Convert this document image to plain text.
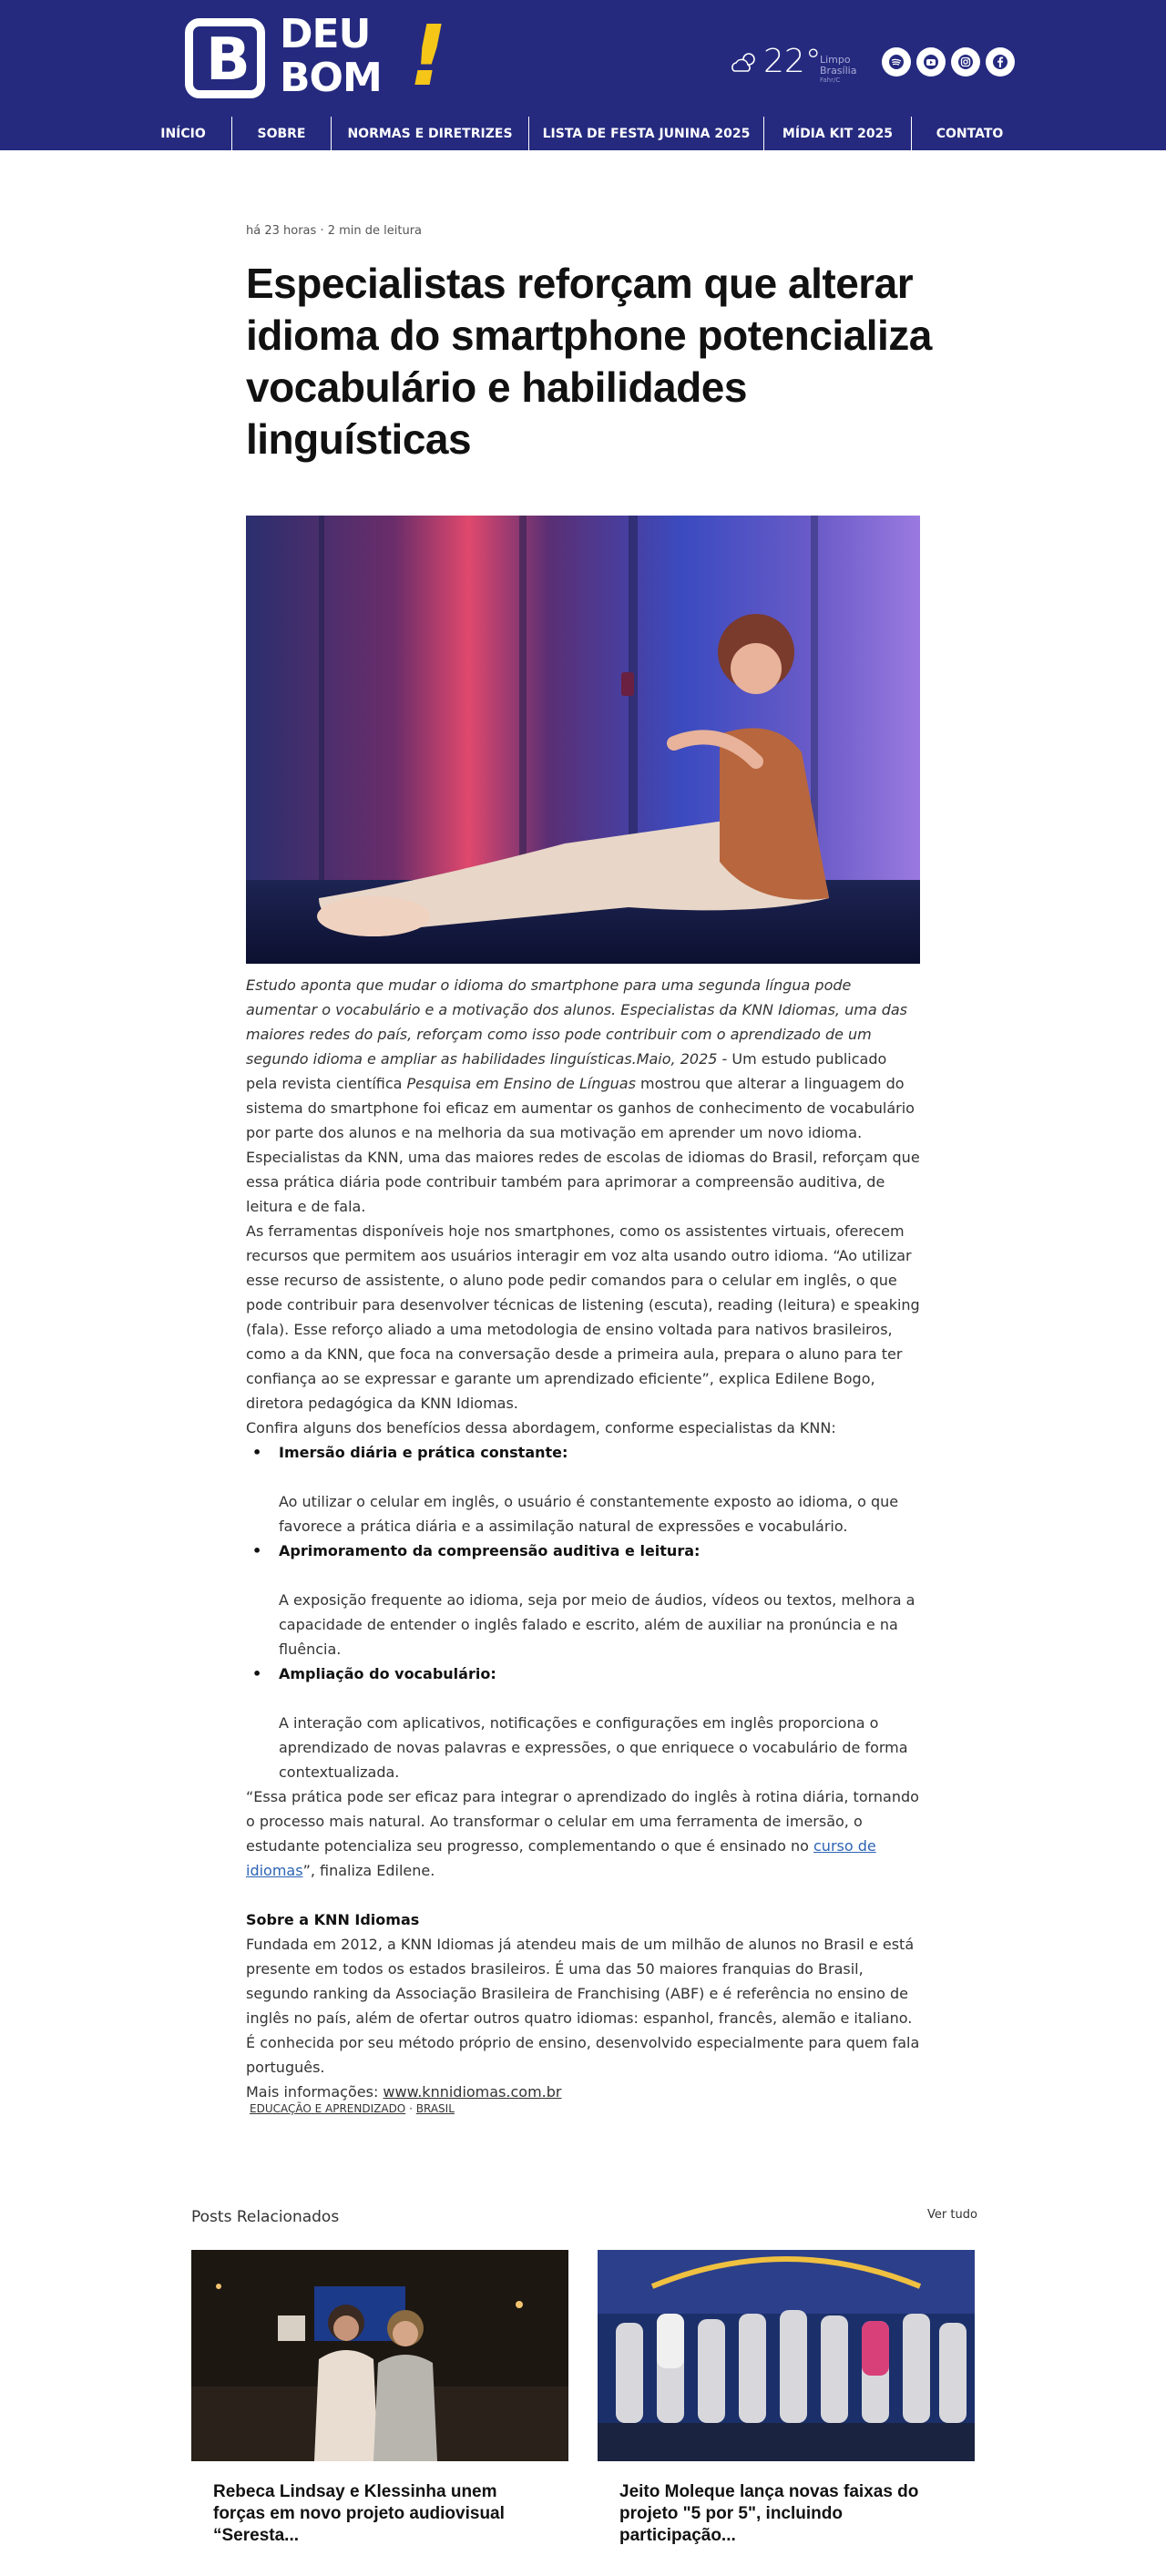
B DEU
BOM !	22°
Limpo
Brasília
Fahr/C
INÍCIO	SOBRE	NORMAS E DIRETRIZES	LISTA DE FESTA JUNINA 2025	MÍDIA KIT 2025	CONTATO
há 23 horas · 2 min de leitura
Especialistas reforçam que alterar idioma do smartphone potencializa vocabulário e habilidades linguísticas

Estudo aponta que mudar o idioma do smartphone para uma segunda língua pode aumentar o vocabulário e a motivação dos alunos. Especialistas da KNN Idiomas, uma das maiores redes do país, reforçam como isso pode contribuir com o aprendizado de um segundo idioma e ampliar as habilidades linguísticas.Maio, 2025 - Um estudo publicado pela revista científica Pesquisa em Ensino de Línguas mostrou que alterar a linguagem do sistema do smartphone foi eficaz em aumentar os ganhos de conhecimento de vocabulário por parte dos alunos e na melhoria da sua motivação em aprender um novo idioma. Especialistas da KNN, uma das maiores redes de escolas de idiomas do Brasil, reforçam que essa prática diária pode contribuir também para aprimorar a compreensão auditiva, de leitura e de fala.

As ferramentas disponíveis hoje nos smartphones, como os assistentes virtuais, oferecem recursos que permitem aos usuários interagir em voz alta usando outro idioma. “Ao utilizar esse recurso de assistente, o aluno pode pedir comandos para o celular em inglês, o que pode contribuir para desenvolver técnicas de listening (escuta), reading (leitura) e speaking (fala). Esse reforço aliado a uma metodologia de ensino voltada para nativos brasileiros, como a da KNN, que foca na conversação desde a primeira aula, prepara o aluno para ter confiança ao se expressar e garante um aprendizado eficiente”, explica Edilene Bogo, diretora pedagógica da KNN Idiomas.

Confira alguns dos benefícios dessa abordagem, conforme especialistas da KNN:

• Imersão diária e prática constante:
Ao utilizar o celular em inglês, o usuário é constantemente exposto ao idioma, o que favorece a prática diária e a assimilação natural de expressões e vocabulário.
• Aprimoramento da compreensão auditiva e leitura:
A exposição frequente ao idioma, seja por meio de áudios, vídeos ou textos, melhora a capacidade de entender o inglês falado e escrito, além de auxiliar na pronúncia e na fluência.
• Ampliação do vocabulário:
A interação com aplicativos, notificações e configurações em inglês proporciona o aprendizado de novas palavras e expressões, o que enriquece o vocabulário de forma contextualizada.

“Essa prática pode ser eficaz para integrar o aprendizado do inglês à rotina diária, tornando o processo mais natural. Ao transformar o celular em uma ferramenta de imersão, o estudante potencializa seu progresso, complementando o que é ensinado no curso de idiomas”, finaliza Edilene.

Sobre a KNN Idiomas

Fundada em 2012, a KNN Idiomas já atendeu mais de um milhão de alunos no Brasil e está presente em todos os estados brasileiros. É uma das 50 maiores franquias do Brasil, segundo ranking da Associação Brasileira de Franchising (ABF) e é referência no ensino de inglês no país, além de ofertar outros quatro idiomas: espanhol, francês, alemão e italiano. É conhecida por seu método próprio de ensino, desenvolvido especialmente para quem fala português.

Mais informações: www.knnidiomas.com.br

EDUCAÇÃO E APRENDIZADO · BRASIL
Posts Relacionados	Ver tudo
Rebeca Lindsay e Klessinha unem forças em novo projeto audiovisual “Seresta...
Jeito Moleque lança novas faixas do projeto "5 por 5", incluindo participação...
